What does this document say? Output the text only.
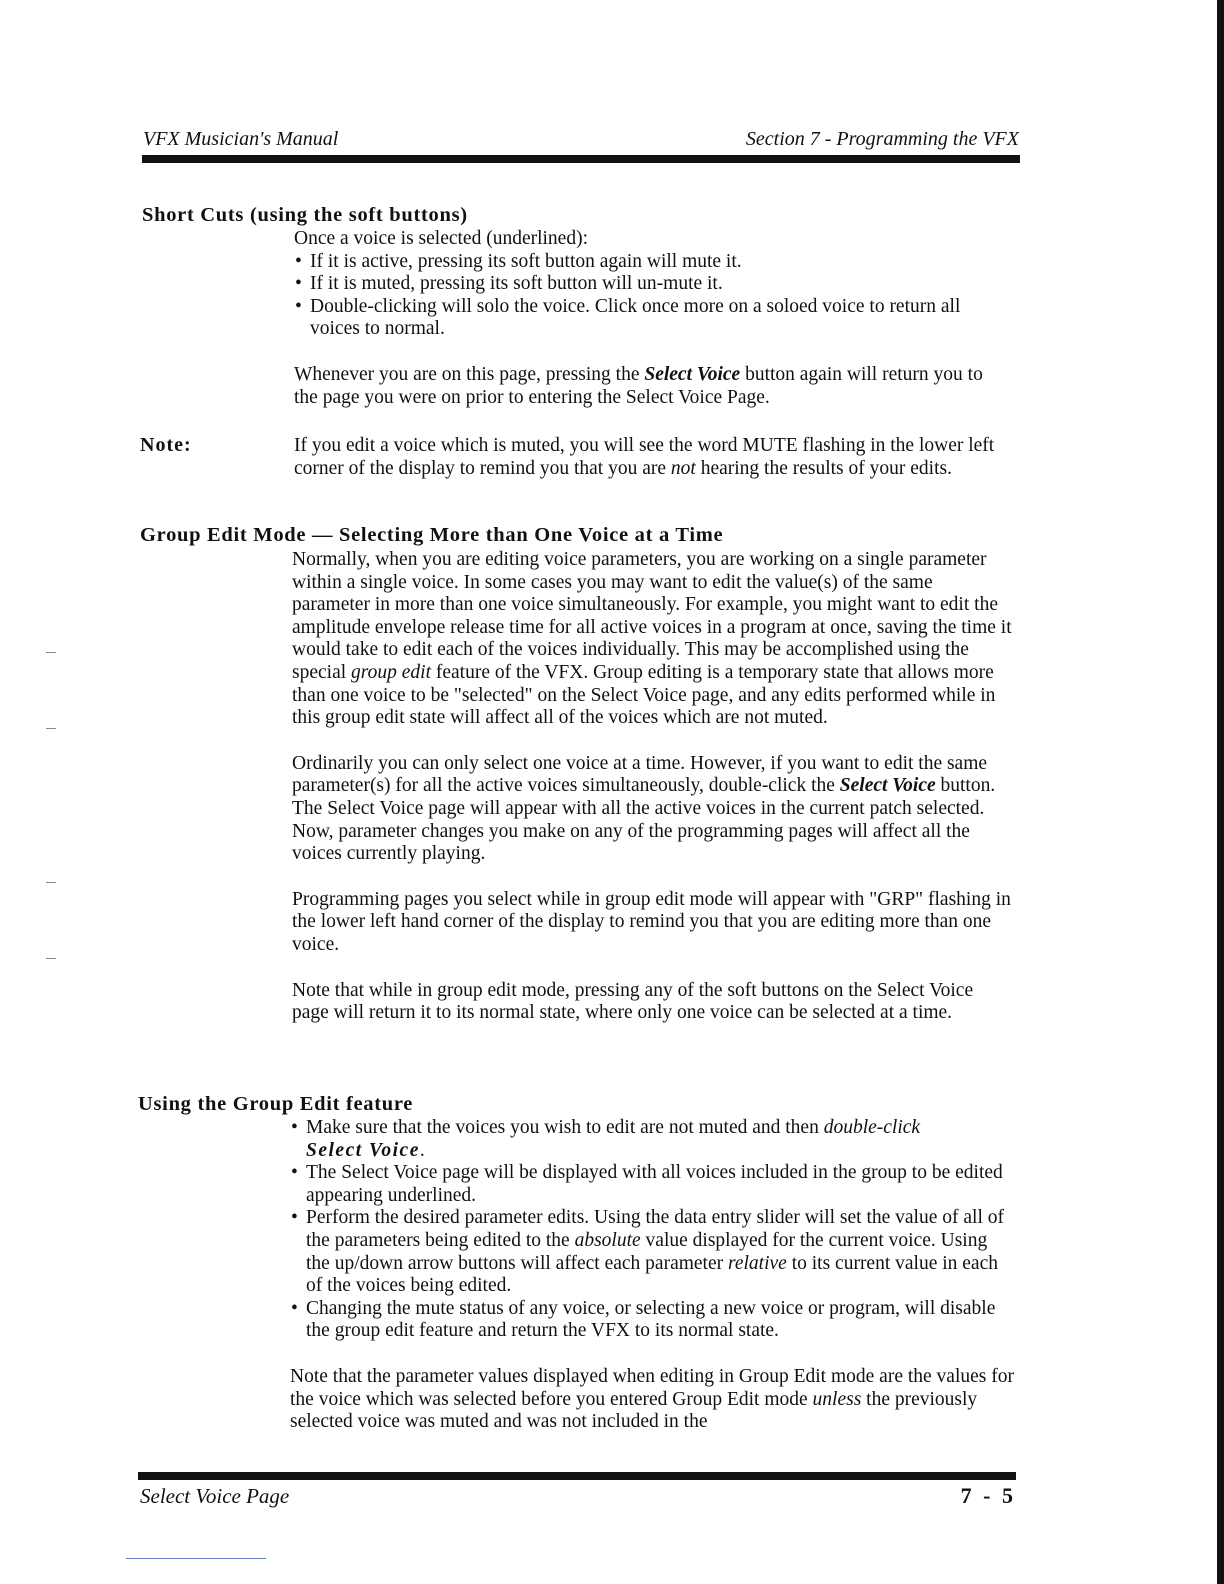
VFX Musician's Manual	Section 7 - Programming the VFX
Short Cuts (using the soft buttons)

Once a voice is selected (underlined):

• If it is active, pressing its soft button again will mute it.
• If it is muted, pressing its soft button will un-mute it.
• Double-clicking will solo the voice. Click once more on a soloed voice to return all voices to normal.

Whenever you are on this page, pressing the Select Voice button again will return you to the page you were on prior to entering the Select Voice Page.

Note:	If you edit a voice which is muted, you will see the word MUTE flashing in the lower left corner of the display to remind you that you are not hearing the results of your edits.

Group Edit Mode — Selecting More than One Voice at a Time

Normally, when you are editing voice parameters, you are working on a single parameter within a single voice. In some cases you may want to edit the value(s) of the same parameter in more than one voice simultaneously. For example, you might want to edit the amplitude envelope release time for all active voices in a program at once, saving the time it would take to edit each of the voices individually. This may be accomplished using the special group edit feature of the VFX. Group editing is a temporary state that allows more than one voice to be "selected" on the Select Voice page, and any edits performed while in this group edit state will affect all of the voices which are not muted.

Ordinarily you can only select one voice at a time. However, if you want to edit the same parameter(s) for all the active voices simultaneously, double-click the Select Voice button. The Select Voice page will appear with all the active voices in the current patch selected. Now, parameter changes you make on any of the programming pages will affect all the voices currently playing.

Programming pages you select while in group edit mode will appear with "GRP" flashing in the lower left hand corner of the display to remind you that you are editing more than one voice.

Note that while in group edit mode, pressing any of the soft buttons on the Select Voice page will return it to its normal state, where only one voice can be selected at a time.

Using the Group Edit feature
• Make sure that the voices you wish to edit are not muted and then double-click
Select Voice.
• The Select Voice page will be displayed with all voices included in the group to be edited appearing underlined.
• Perform the desired parameter edits. Using the data entry slider will set the value of all of the parameters being edited to the absolute value displayed for the current voice. Using the up/down arrow buttons will affect each parameter relative to its current value in each of the voices being edited.
• Changing the mute status of any voice, or selecting a new voice or program, will disable the group edit feature and return the VFX to its normal state.

Note that the parameter values displayed when editing in Group Edit mode are the values for the voice which was selected before you entered Group Edit mode unless the previously selected voice was muted and was not included in the

Select Voice Page	7 - 5
